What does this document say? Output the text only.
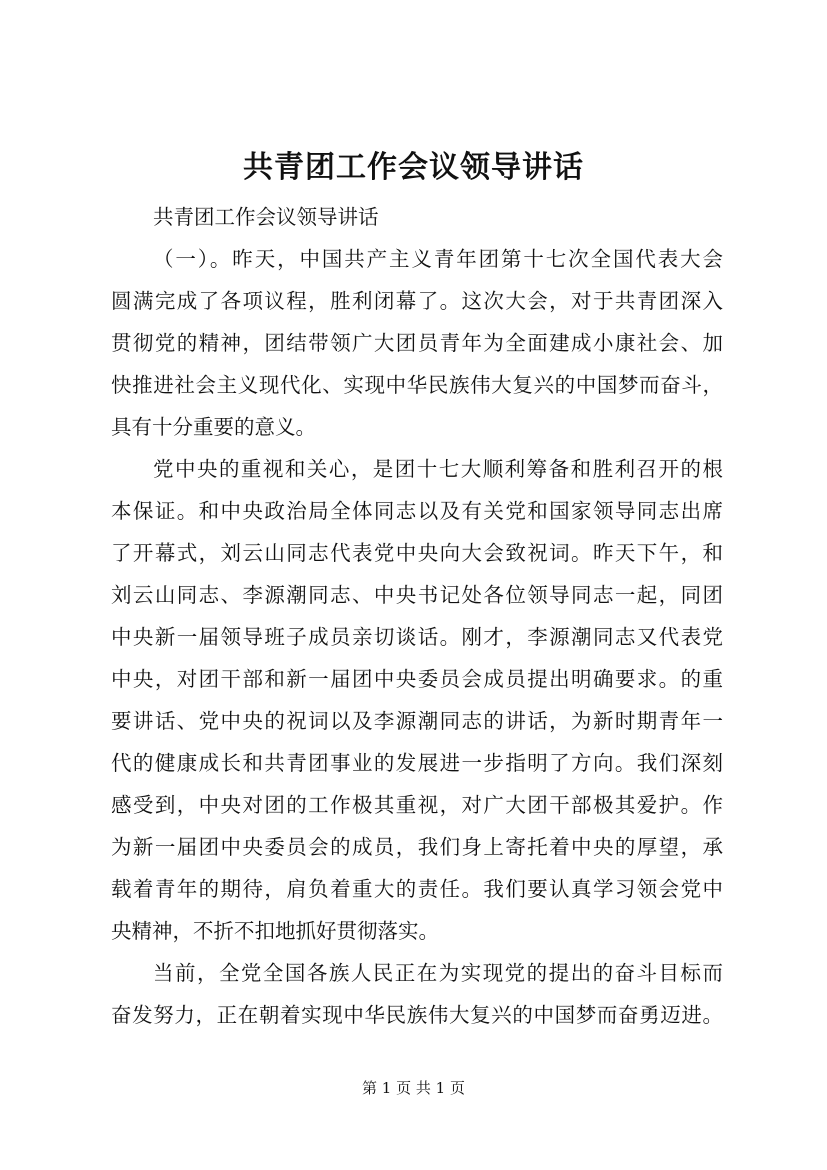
共青团工作会议领导讲话
共青团工作会议领导讲话
（一）。昨天，中国共产主义青年团第十七次全国代表大会
圆满完成了各项议程，胜利闭幕了。这次大会，对于共青团深入
贯彻党的精神，团结带领广大团员青年为全面建成小康社会、加
快推进社会主义现代化、实现中华民族伟大复兴的中国梦而奋斗，
具有十分重要的意义。
党中央的重视和关心，是团十七大顺利筹备和胜利召开的根
本保证。和中央政治局全体同志以及有关党和国家领导同志出席
了开幕式，刘云山同志代表党中央向大会致祝词。昨天下午，和
刘云山同志、李源潮同志、中央书记处各位领导同志一起，同团
中央新一届领导班子成员亲切谈话。刚才，李源潮同志又代表党
中央，对团干部和新一届团中央委员会成员提出明确要求。的重
要讲话、党中央的祝词以及李源潮同志的讲话，为新时期青年一
代的健康成长和共青团事业的发展进一步指明了方向。我们深刻
感受到，中央对团的工作极其重视，对广大团干部极其爱护。作
为新一届团中央委员会的成员，我们身上寄托着中央的厚望，承
载着青年的期待，肩负着重大的责任。我们要认真学习领会党中
央精神，不折不扣地抓好贯彻落实。
当前，全党全国各族人民正在为实现党的提出的奋斗目标而
奋发努力，正在朝着实现中华民族伟大复兴的中国梦而奋勇迈进。
第 1 页 共 1 页
